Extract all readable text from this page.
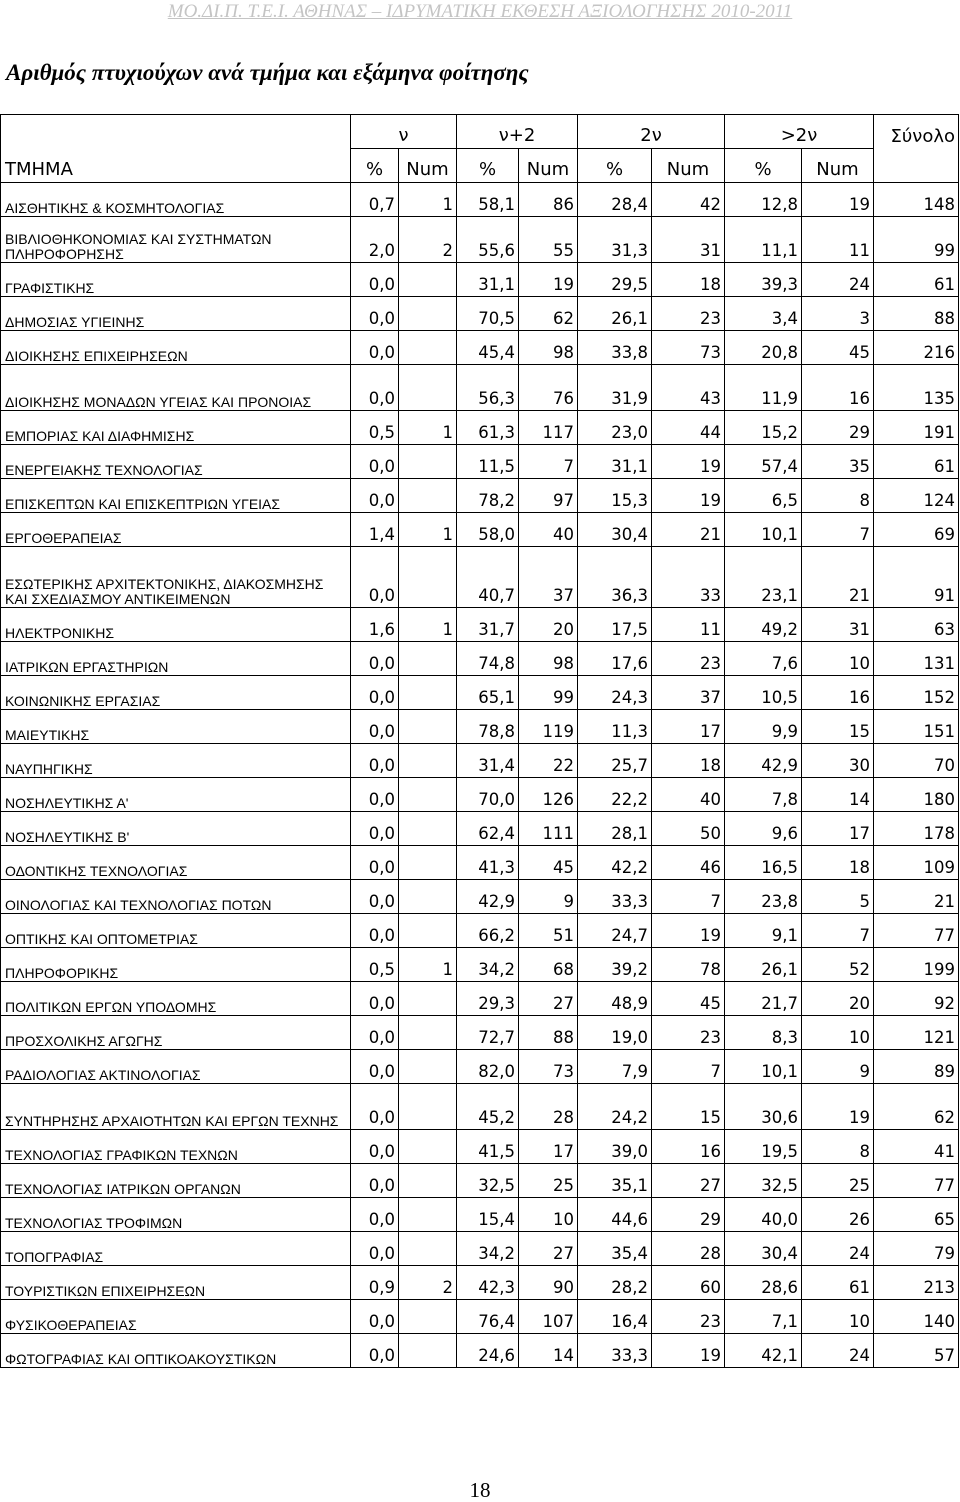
ΜΟ.ΔΙ.Π. Τ.Ε.Ι. ΑΘΗΝΑΣ – ΙΔΡΥΜΑΤΙΚΗ ΕΚΘΕΣΗ ΑΞΙΟΛΟΓΗΣΗΣ 2010-2011
Αριθμός πτυχιούχων ανά τμήμα και εξάμηνα φοίτησης
	ν		ν+2		2ν		>2ν		Σύνολο
ΤΜΗΜΑ	%	Num	%	Num	%	Num	%	Num	
ΑΙΣΘΗΤΙΚΗΣ & ΚΟΣΜΗΤΟΛΟΓΙΑΣ	0,7	1	58,1	86	28,4	42	12,8	19	148
ΒΙΒΛΙΟΘΗΚΟΝΟΜΙΑΣ ΚΑΙ ΣΥΣΤΗΜΑΤΩΝ ΠΛΗΡΟΦΟΡΗΣΗΣ	2,0	2	55,6	55	31,3	31	11,1	11	99
ΓΡΑΦΙΣΤΙΚΗΣ	0,0		31,1	19	29,5	18	39,3	24	61
ΔΗΜΟΣΙΑΣ ΥΓΙΕΙΝΗΣ	0,0		70,5	62	26,1	23	3,4	3	88
ΔΙΟΙΚΗΣΗΣ ΕΠΙΧΕΙΡΗΣΕΩΝ	0,0		45,4	98	33,8	73	20,8	45	216
ΔΙΟΙΚΗΣΗΣ ΜΟΝΑΔΩΝ ΥΓΕΙΑΣ ΚΑΙ ΠΡΟΝΟΙΑΣ	0,0		56,3	76	31,9	43	11,9	16	135
ΕΜΠΟΡΙΑΣ ΚΑΙ ΔΙΑΦΗΜΙΣΗΣ	0,5	1	61,3	117	23,0	44	15,2	29	191
ΕΝΕΡΓΕΙΑΚΗΣ ΤΕΧΝΟΛΟΓΙΑΣ	0,0		11,5	7	31,1	19	57,4	35	61
ΕΠΙΣΚΕΠΤΩΝ ΚΑΙ ΕΠΙΣΚΕΠΤΡΙΩΝ ΥΓΕΙΑΣ	0,0		78,2	97	15,3	19	6,5	8	124
ΕΡΓΟΘΕΡΑΠΕΙΑΣ	1,4	1	58,0	40	30,4	21	10,1	7	69
ΕΣΩΤΕΡΙΚΗΣ ΑΡΧΙΤΕΚΤΟΝΙΚΗΣ, ΔΙΑΚΟΣΜΗΣΗΣ ΚΑΙ ΣΧΕΔΙΑΣΜΟΥ ΑΝΤΙΚΕΙΜΕΝΩΝ	0,0		40,7	37	36,3	33	23,1	21	91
ΗΛΕΚΤΡΟΝΙΚΗΣ	1,6	1	31,7	20	17,5	11	49,2	31	63
ΙΑΤΡΙΚΩΝ ΕΡΓΑΣΤΗΡΙΩΝ	0,0		74,8	98	17,6	23	7,6	10	131
ΚΟΙΝΩΝΙΚΗΣ ΕΡΓΑΣΙΑΣ	0,0		65,1	99	24,3	37	10,5	16	152
ΜΑΙΕΥΤΙΚΗΣ	0,0		78,8	119	11,3	17	9,9	15	151
ΝΑΥΠΗΓΙΚΗΣ	0,0		31,4	22	25,7	18	42,9	30	70
ΝΟΣΗΛΕΥΤΙΚΗΣ Α'	0,0		70,0	126	22,2	40	7,8	14	180
ΝΟΣΗΛΕΥΤΙΚΗΣ Β'	0,0		62,4	111	28,1	50	9,6	17	178
ΟΔΟΝΤΙΚΗΣ ΤΕΧΝΟΛΟΓΙΑΣ	0,0		41,3	45	42,2	46	16,5	18	109
ΟΙΝΟΛΟΓΙΑΣ ΚΑΙ ΤΕΧΝΟΛΟΓΙΑΣ ΠΟΤΩΝ	0,0		42,9	9	33,3	7	23,8	5	21
ΟΠΤΙΚΗΣ ΚΑΙ ΟΠΤΟΜΕΤΡΙΑΣ	0,0		66,2	51	24,7	19	9,1	7	77
ΠΛΗΡΟΦΟΡΙΚΗΣ	0,5	1	34,2	68	39,2	78	26,1	52	199
ΠΟΛΙΤΙΚΩΝ ΕΡΓΩΝ ΥΠΟΔΟΜΗΣ	0,0		29,3	27	48,9	45	21,7	20	92
ΠΡΟΣΧΟΛΙΚΗΣ ΑΓΩΓΗΣ	0,0		72,7	88	19,0	23	8,3	10	121
ΡΑΔΙΟΛΟΓΙΑΣ ΑΚΤΙΝΟΛΟΓΙΑΣ	0,0		82,0	73	7,9	7	10,1	9	89
ΣΥΝΤΗΡΗΣΗΣ ΑΡΧΑΙΟΤΗΤΩΝ ΚΑΙ ΕΡΓΩΝ ΤΕΧΝΗΣ	0,0		45,2	28	24,2	15	30,6	19	62
ΤΕΧΝΟΛΟΓΙΑΣ ΓΡΑΦΙΚΩΝ ΤΕΧΝΩΝ	0,0		41,5	17	39,0	16	19,5	8	41
ΤΕΧΝΟΛΟΓΙΑΣ ΙΑΤΡΙΚΩΝ ΟΡΓΑΝΩΝ	0,0		32,5	25	35,1	27	32,5	25	77
ΤΕΧΝΟΛΟΓΙΑΣ ΤΡΟΦΙΜΩΝ	0,0		15,4	10	44,6	29	40,0	26	65
ΤΟΠΟΓΡΑΦΙΑΣ	0,0		34,2	27	35,4	28	30,4	24	79
ΤΟΥΡΙΣΤΙΚΩΝ ΕΠΙΧΕΙΡΗΣΕΩΝ	0,9	2	42,3	90	28,2	60	28,6	61	213
ΦΥΣΙΚΟΘΕΡΑΠΕΙΑΣ	0,0		76,4	107	16,4	23	7,1	10	140
ΦΩΤΟΓΡΑΦΙΑΣ ΚΑΙ ΟΠΤΙΚΟΑΚΟΥΣΤΙΚΩΝ	0,0		24,6	14	33,3	19	42,1	24	57
18
